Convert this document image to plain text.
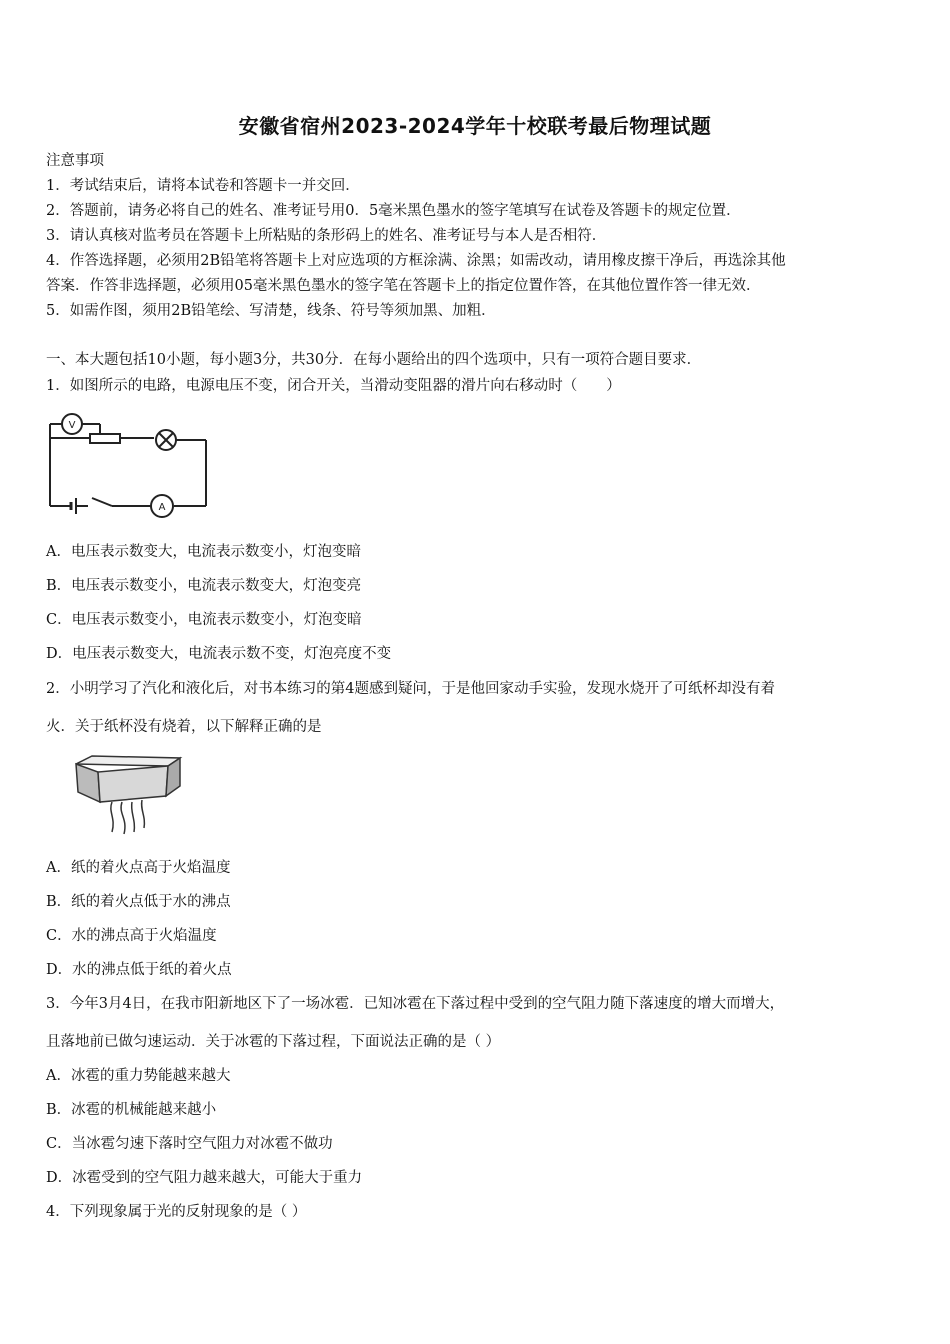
安徽省宿州2023-2024学年十校联考最后物理试题
注意事项
1．考试结束后，请将本试卷和答题卡一并交回．
2．答题前，请务必将自己的姓名、准考证号用0．5毫米黑色墨水的签字笔填写在试卷及答题卡的规定位置．
3．请认真核对监考员在答题卡上所粘贴的条形码上的姓名、准考证号与本人是否相符．
4．作答选择题，必须用2B铅笔将答题卡上对应选项的方框涂满、涂黑；如需改动，请用橡皮擦干净后，再选涂其他
答案．作答非选择题，必须用05毫米黑色墨水的签字笔在答题卡上的指定位置作答，在其他位置作答一律无效．
5．如需作图，须用2B铅笔绘、写清楚，线条、符号等须加黑、加粗．
一、本大题包括10小题，每小题3分，共30分．在每小题给出的四个选项中，只有一项符合题目要求．
1．如图所示的电路，电源电压不变，闭合开关，当滑动变阻器的滑片向右移动时（　　）
V
A
A．电压表示数变大，电流表示数变小，灯泡变暗
B．电压表示数变小，电流表示数变大，灯泡变亮
C．电压表示数变小，电流表示数变小，灯泡变暗
D．电压表示数变大，电流表示数不变，灯泡亮度不变
2．小明学习了汽化和液化后，对书本练习的第4题感到疑问，于是他回家动手实验，发现水烧开了可纸杯却没有着
火．关于纸杯没有烧着，以下解释正确的是
A．纸的着火点高于火焰温度
B．纸的着火点低于水的沸点
C．水的沸点高于火焰温度
D．水的沸点低于纸的着火点
3．今年3月4日，在我市阳新地区下了一场冰雹．已知冰雹在下落过程中受到的空气阻力随下落速度的增大而增大，
且落地前已做匀速运动．关于冰雹的下落过程，下面说法正确的是（ ）
A．冰雹的重力势能越来越大
B．冰雹的机械能越来越小
C．当冰雹匀速下落时空气阻力对冰雹不做功
D．冰雹受到的空气阻力越来越大，可能大于重力
4．下列现象属于光的反射现象的是（ ）
